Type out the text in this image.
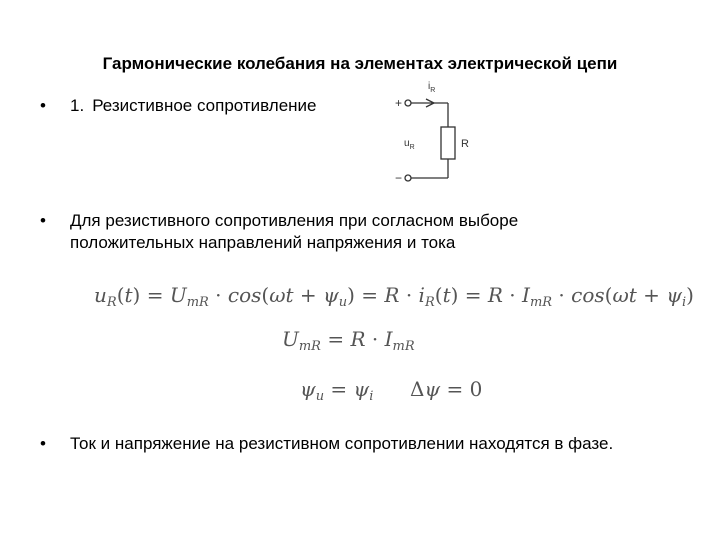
Гармонические колебания на элементах электрической цепи
• 1. Резистивное сопротивление	+
−
$i_R$
$u_R$	R
• Для резистивного сопротивления при согласном выборе
положительных направлений напряжения и тока
$u_R(t) = U_{mR} \cdot \cos(\omega t + \psi_u) = R \cdot i_R(t) = R \cdot I_{mR} \cdot \cos(\omega t + \psi_i)$
$U_{mR} = R \cdot I_{mR}$
$\psi_u = \psi_i$ Δψ = 0
• Ток и напряжение на резистивном сопротивлении находятся в фазе.
